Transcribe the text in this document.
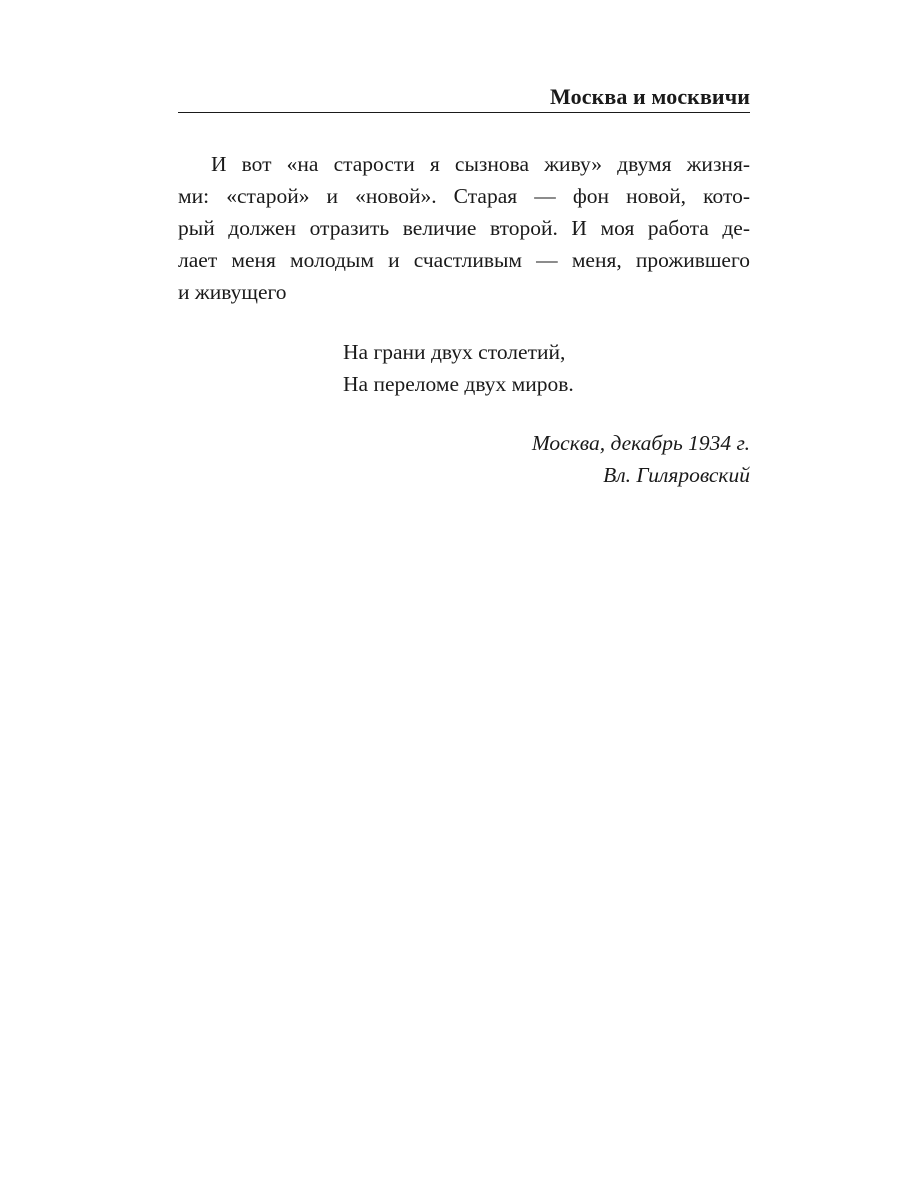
Москва и москвичи
И вот «на старости я сызнова живу» двумя жизня-
ми: «старой» и «новой». Старая — фон новой, кото-
рый должен отразить величие второй. И моя работа де-
лает меня молодым и счастливым — меня, прожившего
и живущего
На грани двух столетий,
На переломе двух миров.
Москва, декабрь 1934 г.
Вл. Гиляровский
